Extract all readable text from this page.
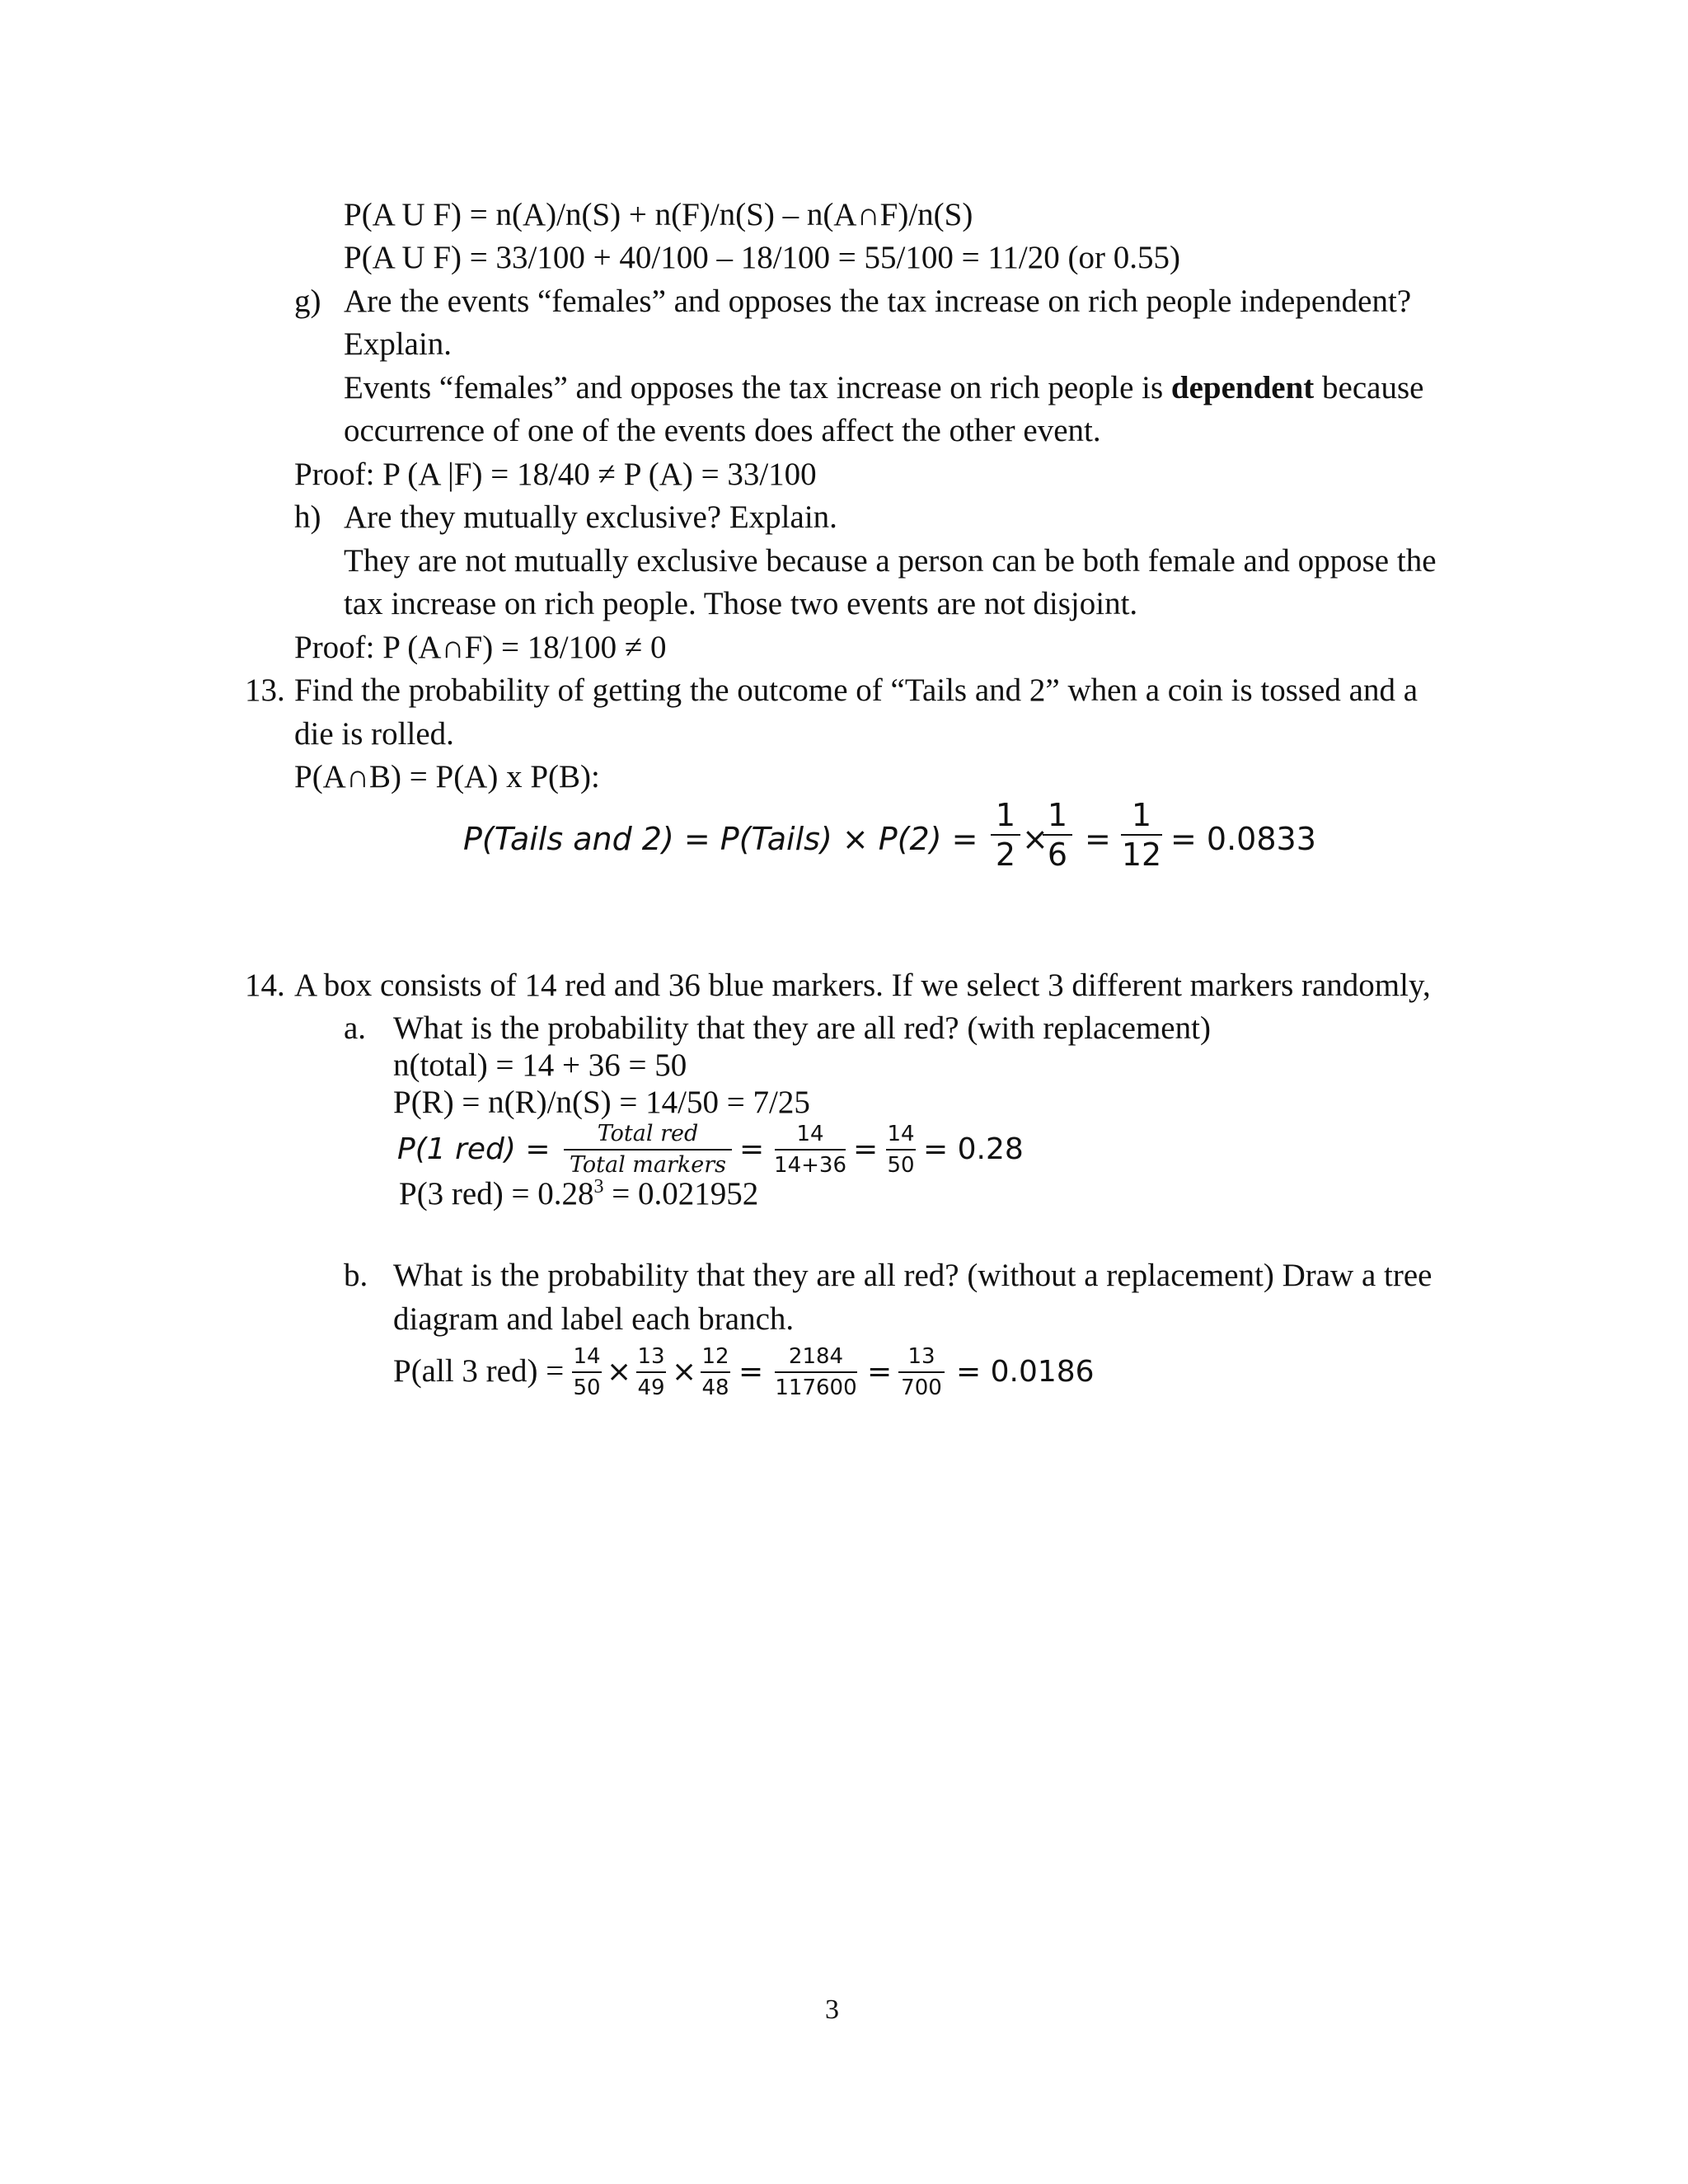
P(A U F) = n(A)/n(S) + n(F)/n(S) – n(A∩F)/n(S)
P(A U F) = 33/100 + 40/100 – 18/100 = 55/100 = 11/20 (or 0.55)
g) Are the events “females” and opposes the tax increase on rich people independent?
Explain.
Events “females” and opposes the tax increase on rich people is dependent because
occurrence of one of the events does affect the other event.
Proof: P (A |F) = 18/40 ≠ P (A) = 33/100
h) Are they mutually exclusive? Explain.
They are not mutually exclusive because a person can be both female and oppose the
tax increase on rich people. Those two events are not disjoint.
Proof: P (A∩F) = 18/100 ≠ 0
13. Find the probability of getting the outcome of “Tails and 2” when a coin is tossed and a
die is rolled.
P(A∩B) = P(A) x P(B):
P(Tails and 2) = P(Tails) × P(2) =
1
2 ×
1
6 =
1
12 = 0.0833
14. A box consists of 14 red and 36 blue markers. If we select 3 different markers randomly,
a. What is the probability that they are all red? (with replacement)
n(total) = 14 + 36 = 50
P(R) = n(R)/n(S) = 14/50 = 7/25
P(1 red) = Total red
Total markers = 14
14+36 = 14
50 = 0.28
P(3 $red) = 0.28^3 = 0.021952$
b. What is the probability that they are all red? (without a replacement) Draw a tree
diagram and label each branch.
P(all 3 red) = 14
50 × 13
49 × 12
48 = 2184
117600 = 13
700 = 0.0186
3
